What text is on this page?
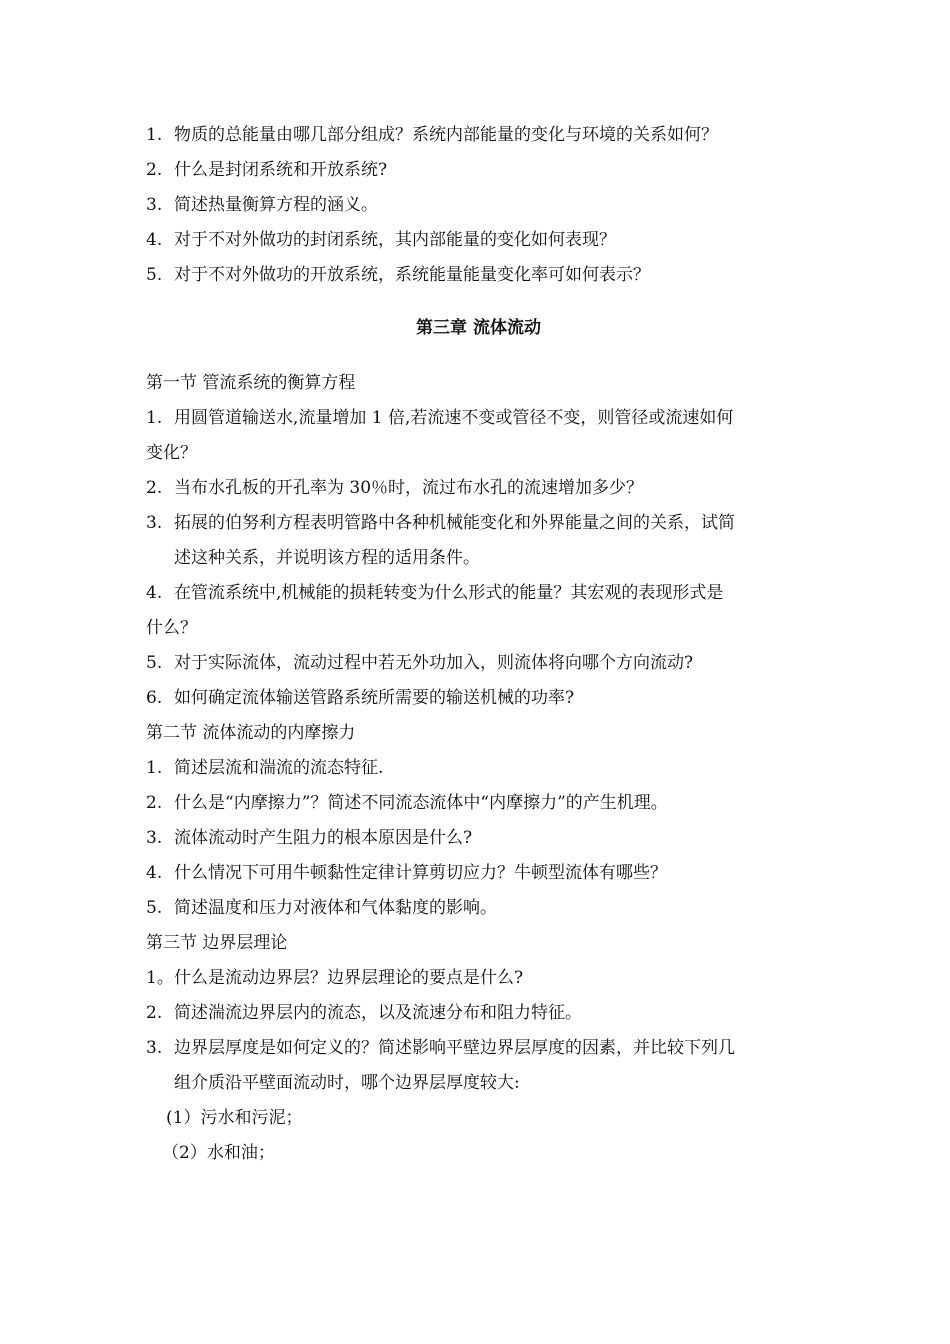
1. 物质的总能量由哪几部分组成？系统内部能量的变化与环境的关系如何？
2. 什么是封闭系统和开放系统?
3. 简述热量衡算方程的涵义。
4. 对于不对外做功的封闭系统，其内部能量的变化如何表现？
5. 对于不对外做功的开放系统，系统能量能量变化率可如何表示？
第三章 流体流动
第一节 管流系统的衡算方程
1. 用圆管道输送水,流量增加 1 倍,若流速不变或管径不变，则管径或流速如何
变化？
2. 当布水孔板的开孔率为 30％时，流过布水孔的流速增加多少？
3. 拓展的伯努利方程表明管路中各种机械能变化和外界能量之间的关系，试简
述这种关系，并说明该方程的适用条件。
4. 在管流系统中,机械能的损耗转变为什么形式的能量？其宏观的表现形式是
什么？
5. 对于实际流体，流动过程中若无外功加入，则流体将向哪个方向流动?
6. 如何确定流体输送管路系统所需要的输送机械的功率?
第二节 流体流动的内摩擦力
1. 简述层流和湍流的流态特征.
2. 什么是“内摩擦力”？简述不同流态流体中“内摩擦力”的产生机理。
3. 流体流动时产生阻力的根本原因是什么?
4. 什么情况下可用牛顿黏性定律计算剪切应力？牛顿型流体有哪些？
5. 简述温度和压力对液体和气体黏度的影响。
第三节 边界层理论
1。什么是流动边界层？边界层理论的要点是什么?
2. 简述湍流边界层内的流态，以及流速分布和阻力特征。
3. 边界层厚度是如何定义的？简述影响平壁边界层厚度的因素，并比较下列几
组介质沿平壁面流动时，哪个边界层厚度较大:
(1）污水和污泥；
（2）水和油；
